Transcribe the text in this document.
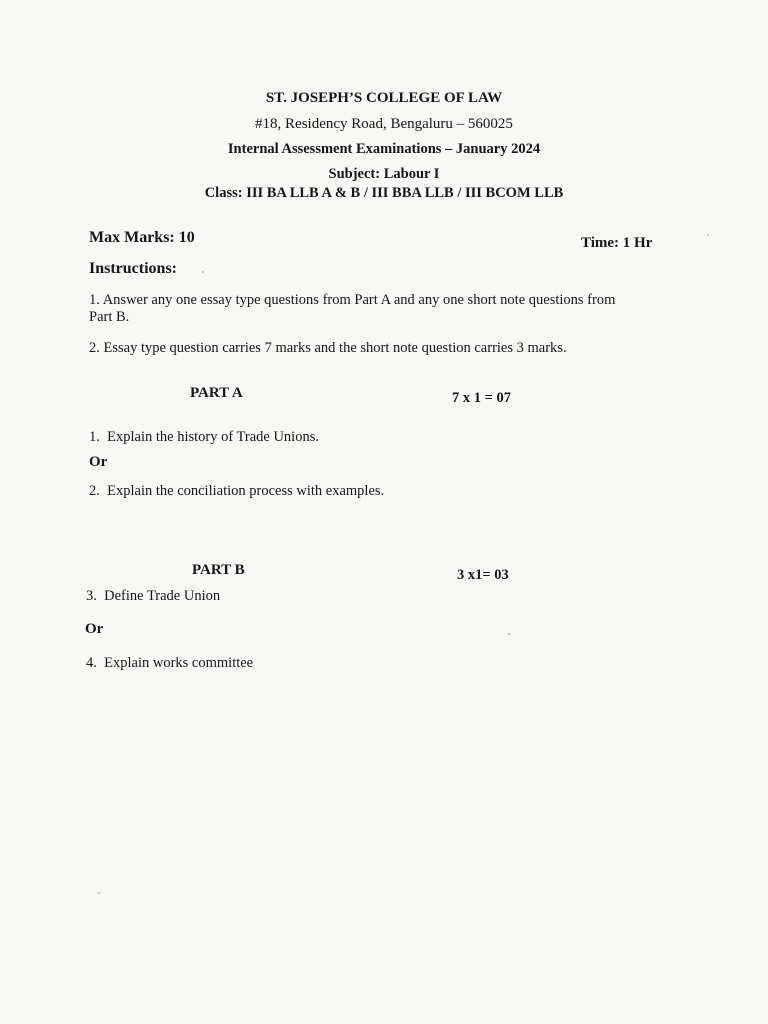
ST. JOSEPH’S COLLEGE OF LAW
#18, Residency Road, Bengaluru – 560025
Internal Assessment Examinations – January 2024
Subject: Labour I
Class: III BA LLB A & B / III BBA LLB / III BCOM LLB
Max Marks: 10	Time: 1 Hr
Instructions:
1. Answer any one essay type questions from Part A and any one short note questions from
Part B.
2. Essay type question carries 7 marks and the short note question carries 3 marks.
PART A	7 x 1 = 07
1. Explain the history of Trade Unions.
Or
2. Explain the conciliation process with examples.
PART B	3 x1= 03
3. Define Trade Union
Or
4. Explain works committee
